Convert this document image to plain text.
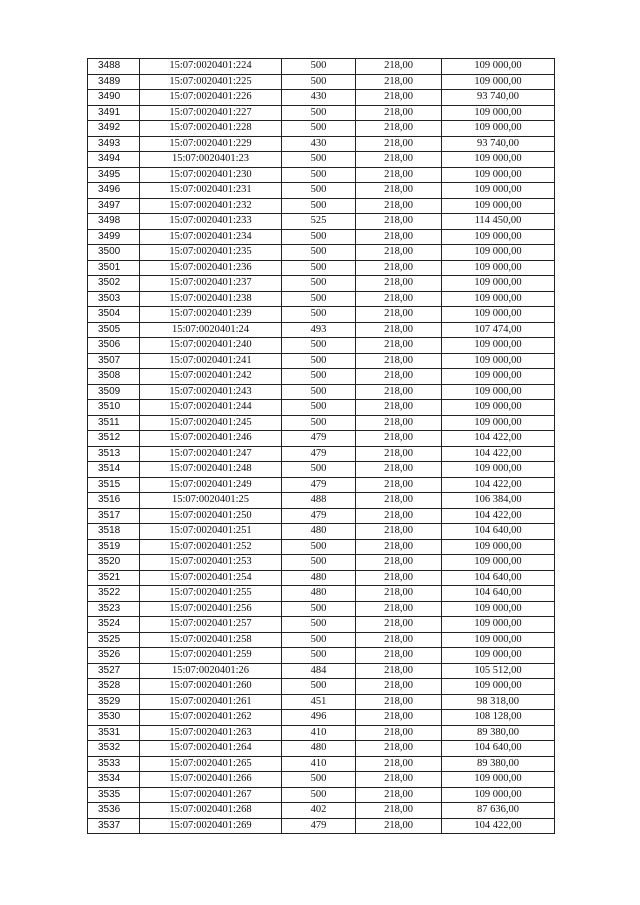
3488	15:07:0020401:224	500	218,00	109 000,00
3489	15:07:0020401:225	500	218,00	109 000,00
3490	15:07:0020401:226	430	218,00	93 740,00
3491	15:07:0020401:227	500	218,00	109 000,00
3492	15:07:0020401:228	500	218,00	109 000,00
3493	15:07:0020401:229	430	218,00	93 740,00
3494	15:07:0020401:23	500	218,00	109 000,00
3495	15:07:0020401:230	500	218,00	109 000,00
3496	15:07:0020401:231	500	218,00	109 000,00
3497	15:07:0020401:232	500	218,00	109 000,00
3498	15:07:0020401:233	525	218,00	114 450,00
3499	15:07:0020401:234	500	218,00	109 000,00
3500	15:07:0020401:235	500	218,00	109 000,00
3501	15:07:0020401:236	500	218,00	109 000,00
3502	15:07:0020401:237	500	218,00	109 000,00
3503	15:07:0020401:238	500	218,00	109 000,00
3504	15:07:0020401:239	500	218,00	109 000,00
3505	15:07:0020401:24	493	218,00	107 474,00
3506	15:07:0020401:240	500	218,00	109 000,00
3507	15:07:0020401:241	500	218,00	109 000,00
3508	15:07:0020401:242	500	218,00	109 000,00
3509	15:07:0020401:243	500	218,00	109 000,00
3510	15:07:0020401:244	500	218,00	109 000,00
3511	15:07:0020401:245	500	218,00	109 000,00
3512	15:07:0020401:246	479	218,00	104 422,00
3513	15:07:0020401:247	479	218,00	104 422,00
3514	15:07:0020401:248	500	218,00	109 000,00
3515	15:07:0020401:249	479	218,00	104 422,00
3516	15:07:0020401:25	488	218,00	106 384,00
3517	15:07:0020401:250	479	218,00	104 422,00
3518	15:07:0020401:251	480	218,00	104 640,00
3519	15:07:0020401:252	500	218,00	109 000,00
3520	15:07:0020401:253	500	218,00	109 000,00
3521	15:07:0020401:254	480	218,00	104 640,00
3522	15:07:0020401:255	480	218,00	104 640,00
3523	15:07:0020401:256	500	218,00	109 000,00
3524	15:07:0020401:257	500	218,00	109 000,00
3525	15:07:0020401:258	500	218,00	109 000,00
3526	15:07:0020401:259	500	218,00	109 000,00
3527	15:07:0020401:26	484	218,00	105 512,00
3528	15:07:0020401:260	500	218,00	109 000,00
3529	15:07:0020401:261	451	218,00	98 318,00
3530	15:07:0020401:262	496	218,00	108 128,00
3531	15:07:0020401:263	410	218,00	89 380,00
3532	15:07:0020401:264	480	218,00	104 640,00
3533	15:07:0020401:265	410	218,00	89 380,00
3534	15:07:0020401:266	500	218,00	109 000,00
3535	15:07:0020401:267	500	218,00	109 000,00
3536	15:07:0020401:268	402	218,00	87 636,00
3537	15:07:0020401:269	479	218,00	104 422,00
